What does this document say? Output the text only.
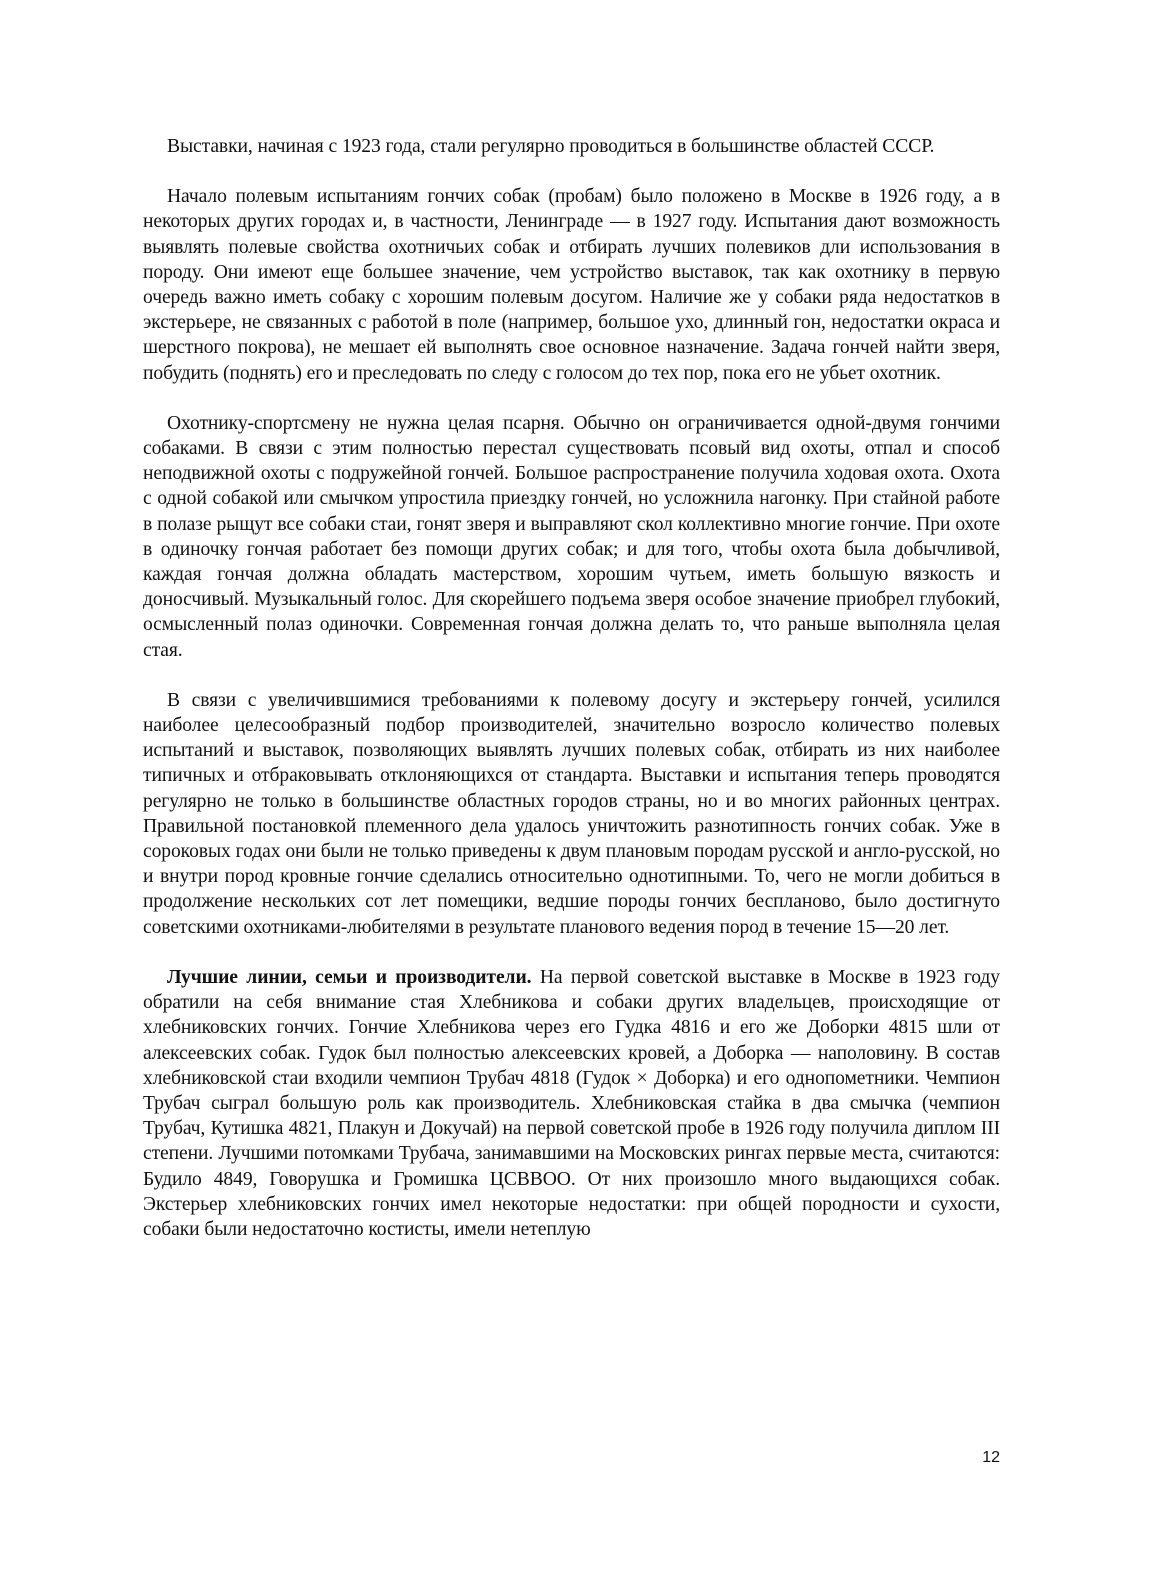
Выставки, начиная с 1923 года, стали регулярно проводиться в большинстве областей СССР.

Начало полевым испытаниям гончих собак (пробам) было положено в Москве в 1926 году, а в некоторых других городах и, в частности, Ленинграде — в 1927 году. Испытания дают возможность выявлять полевые свойства охотничьих собак и отбирать лучших полевиков дли использования в породу. Они имеют еще большее значение, чем устройство выставок, так как охотнику в первую очередь важно иметь собаку с хорошим полевым досугом. Наличие же у собаки ряда недостатков в экстерьере, не связанных с работой в поле (например, большое ухо, длинный гон, недостатки окраса и шерстного покрова), не мешает ей выполнять свое основное назначение. Задача гончей найти зверя, побудить (поднять) его и преследовать по следу с голосом до тех пор, пока его не убьет охотник.

Охотнику-спортсмену не нужна целая псарня. Обычно он ограничивается одной-двумя гончими собаками. В связи с этим полностью перестал существовать псовый вид охоты, отпал и способ неподвижной охоты с подружейной гончей. Большое распространение получила ходовая охота. Охота с одной собакой или смычком упростила приездку гончей, но усложнила нагонку. При стайной работе в полазе рыщут все собаки стаи, гонят зверя и выправляют скол коллективно многие гончие. При охоте в одиночку гончая работает без помощи других собак; и для того, чтобы охота была добычливой, каждая гончая должна обладать мастерством, хорошим чутьем, иметь большую вязкость и доносчивый. Музыкальный голос. Для скорейшего подъема зверя особое значение приобрел глубокий, осмысленный полаз одиночки. Современная гончая должна делать то, что раньше выполняла целая стая.

В связи с увеличившимися требованиями к полевому досугу и экстерьеру гончей, усилился наиболее целесообразный подбор производителей, значительно возросло количество полевых испытаний и выставок, позволяющих выявлять лучших полевых собак, отбирать из них наиболее типичных и отбраковывать отклоняющихся от стандарта. Выставки и испытания теперь проводятся регулярно не только в большинстве областных городов страны, но и во многих районных центрах. Правильной постановкой племенного дела удалось уничтожить разнотипность гончих собак. Уже в сороковых годах они были не только приведены к двум плановым породам русской и англо-русской, но и внутри пород кровные гончие сделались относительно однотипными. То, чего не могли добиться в продолжение нескольких сот лет помещики, ведшие породы гончих беспланово, было достигнуто советскими охотниками-любителями в результате планового ведения пород в течение 15—20 лет.

Лучшие линии, семьи и производители. На первой советской выставке в Москве в 1923 году обратили на себя внимание стая Хлебникова и собаки других владельцев, происходящие от хлебниковских гончих. Гончие Хлебникова через его Гудка 4816 и его же Доборки 4815 шли от алексеевских собак. Гудок был полностью алексеевских кровей, а Доборка — наполовину. В состав хлебниковской стаи входили чемпион Трубач 4818 (Гудок × Доборка) и его однопометники. Чемпион Трубач сыграл большую роль как производитель. Хлебниковская стайка в два смычка (чемпион Трубач, Кутишка 4821, Плакун и Докучай) на первой советской пробе в 1926 году получила диплом III степени. Лучшими потомками Трубача, занимавшими на Московских рингах первые места, считаются: Будило 4849, Говорушка и Громишка ЦСВВОО. От них произошло много выдающихся собак. Экстерьер хлебниковских гончих имел некоторые недостатки: при общей породности и сухости, собаки были недостаточно костисты, имели нетеплую

12
